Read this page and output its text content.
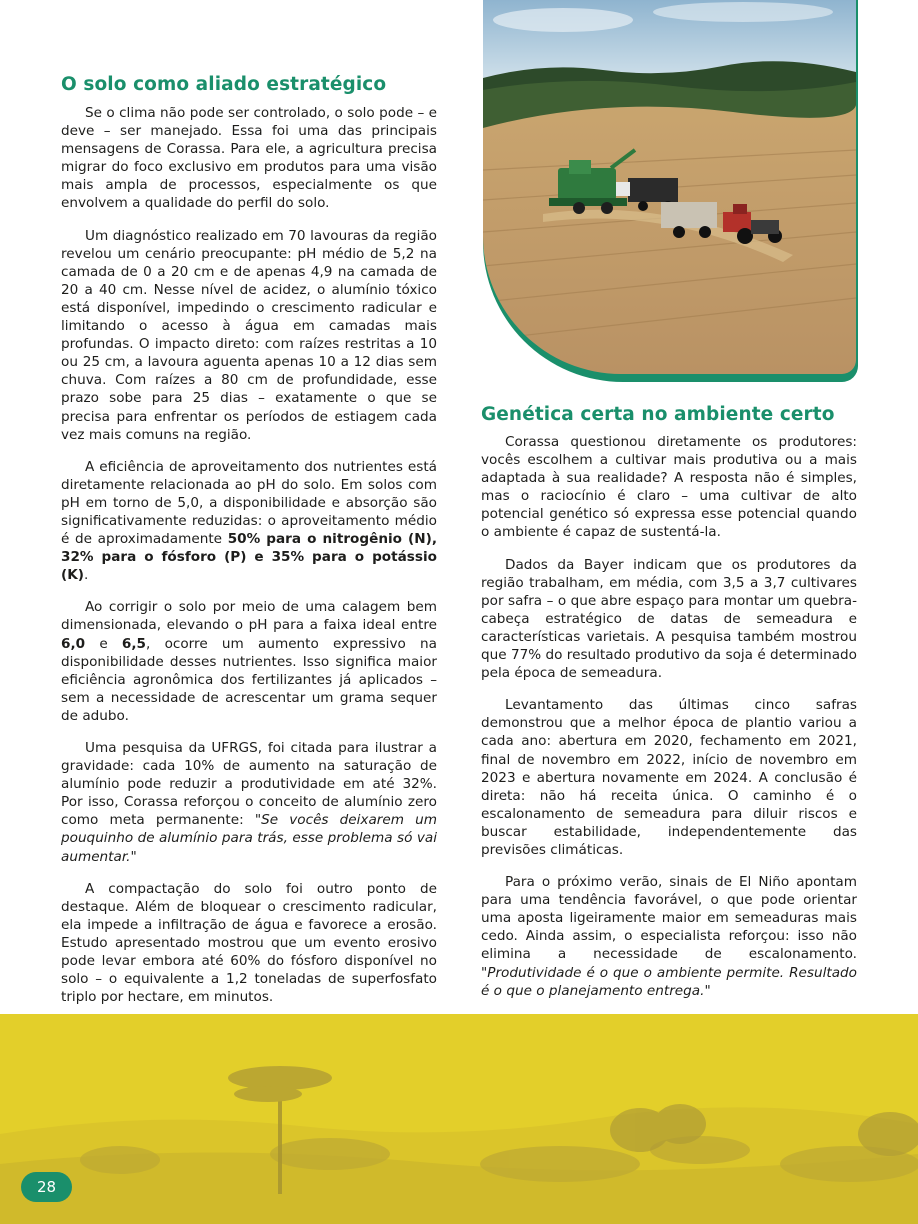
O solo como aliado estratégico

Se o clima não pode ser controlado, o solo pode – e deve – ser manejado. Essa foi uma das principais mensagens de Corassa. Para ele, a agricultura precisa migrar do foco exclusivo em produtos para uma visão mais ampla de processos, especialmente os que envolvem a qualidade do perfil do solo.

Um diagnóstico realizado em 70 lavouras da região revelou um cenário preocupante: pH médio de 5,2 na camada de 0 a 20 cm e de apenas 4,9 na camada de 20 a 40 cm. Nesse nível de acidez, o alumínio tóxico está disponível, impedindo o crescimento radicular e limitando o acesso à água em camadas mais profundas. O impacto direto: com raízes restritas a 10 ou 25 cm, a lavoura aguenta apenas 10 a 12 dias sem chuva. Com raízes a 80 cm de profundidade, esse prazo sobe para 25 dias – exatamente o que se precisa para enfrentar os períodos de estiagem cada vez mais comuns na região.

A eficiência de aproveitamento dos nutrientes está diretamente relacionada ao pH do solo. Em solos com pH em torno de 5,0, a disponibilidade e absorção são significativamente reduzidas: o aproveitamento médio é de aproximadamente 50% para o nitrogênio (N), 32% para o fósforo (P) e 35% para o potássio (K).

Ao corrigir o solo por meio de uma calagem bem dimensionada, elevando o pH para a faixa ideal entre 6,0 e 6,5, ocorre um aumento expressivo na disponibilidade desses nutrientes. Isso significa maior eficiência agronômica dos fertilizantes já aplicados – sem a necessidade de acrescentar um grama sequer de adubo.

Uma pesquisa da UFRGS, foi citada para ilustrar a gravidade: cada 10% de aumento na saturação de alumínio pode reduzir a produtividade em até 32%. Por isso, Corassa reforçou o conceito de alumínio zero como meta permanente: "Se vocês deixarem um pouquinho de alumínio para trás, esse problema só vai aumentar."

A compactação do solo foi outro ponto de destaque. Além de bloquear o crescimento radicular, ela impede a infiltração de água e favorece a erosão. Estudo apresentado mostrou que um evento erosivo pode levar embora até 60% do fósforo disponível no solo – o equivalente a 1,2 toneladas de superfosfato triplo por hectare, em minutos.

Genética certa no ambiente certo

Corassa questionou diretamente os produtores: vocês escolhem a cultivar mais produtiva ou a mais adaptada à sua realidade? A resposta não é simples, mas o raciocínio é claro – uma cultivar de alto potencial genético só expressa esse potencial quando o ambiente é capaz de sustentá-la.

Dados da Bayer indicam que os produtores da região trabalham, em média, com 3,5 a 3,7 cultivares por safra – o que abre espaço para montar um quebra-cabeça estratégico de datas de semeadura e características varietais. A pesquisa também mostrou que 77% do resultado produtivo da soja é determinado pela época de semeadura.

Levantamento das últimas cinco safras demonstrou que a melhor época de plantio variou a cada ano: abertura em 2020, fechamento em 2021, final de novembro em 2022, início de novembro em 2023 e abertura novamente em 2024. A conclusão é direta: não há receita única. O caminho é o escalonamento de semeadura para diluir riscos e buscar estabilidade, independentemente das previsões climáticas.

Para o próximo verão, sinais de El Niño apontam para uma tendência favorável, o que pode orientar uma aposta ligeiramente maior em semeaduras mais cedo. Ainda assim, o especialista reforçou: isso não elimina a necessidade de escalonamento. "Produtividade é o que o ambiente permite. Resultado é o que o planejamento entrega."

28
